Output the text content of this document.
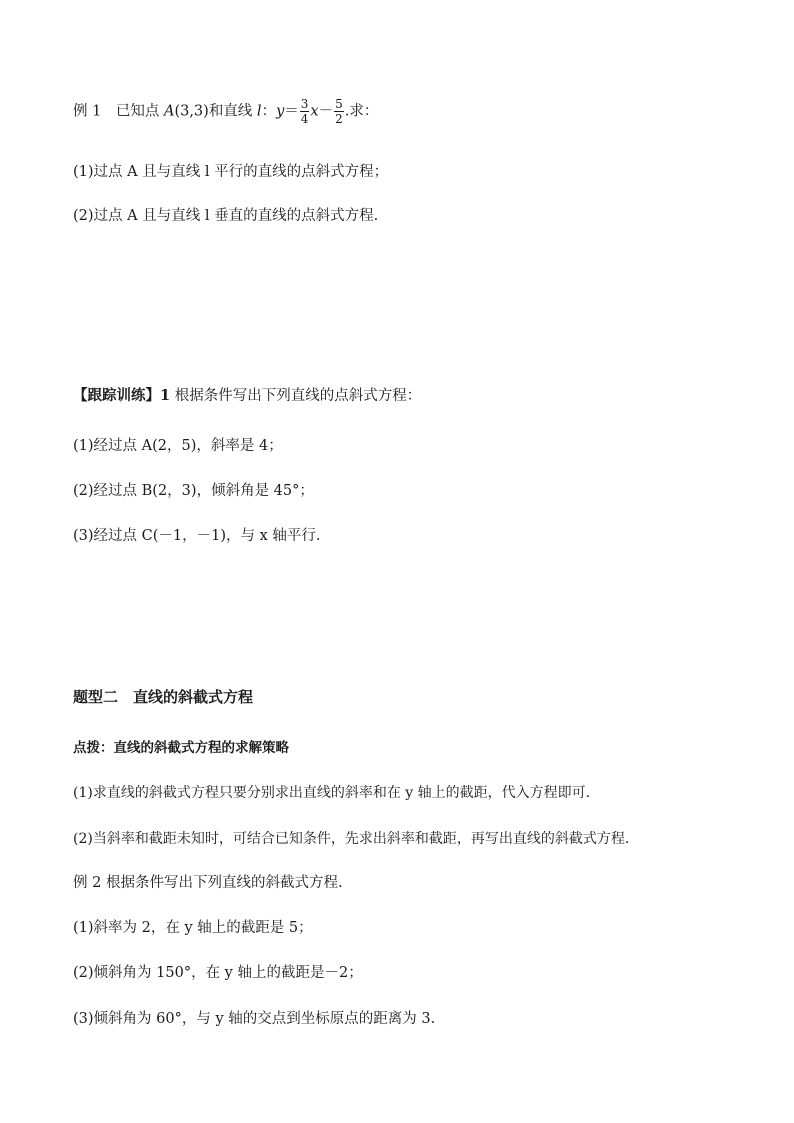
例 1　已知点 A(3,3)和直线 l：$y= \frac{3}{4} x- \frac{5}{2}$ .求：
(1)过点 A 且与直线 l 平行的直线的点斜式方程；
(2)过点 A 且与直线 l 垂直的直线的点斜式方程.
【跟踪训练】1 根据条件写出下列直线的点斜式方程：
(1)经过点 A(2，5)，斜率是 4；
(2)经过点 B(2，3)，倾斜角是 45°；
(3)经过点 C(－1，－1)，与 x 轴平行.
题型二　直线的斜截式方程
点拨：直线的斜截式方程的求解策略
(1)求直线的斜截式方程只要分别求出直线的斜率和在 y 轴上的截距，代入方程即可.
(2)当斜率和截距未知时，可结合已知条件，先求出斜率和截距，再写出直线的斜截式方程.
例 2 根据条件写出下列直线的斜截式方程.
(1)斜率为 2，在 y 轴上的截距是 5；
(2)倾斜角为 150°，在 y 轴上的截距是－2；
(3)倾斜角为 60°，与 y 轴的交点到坐标原点的距离为 3.
